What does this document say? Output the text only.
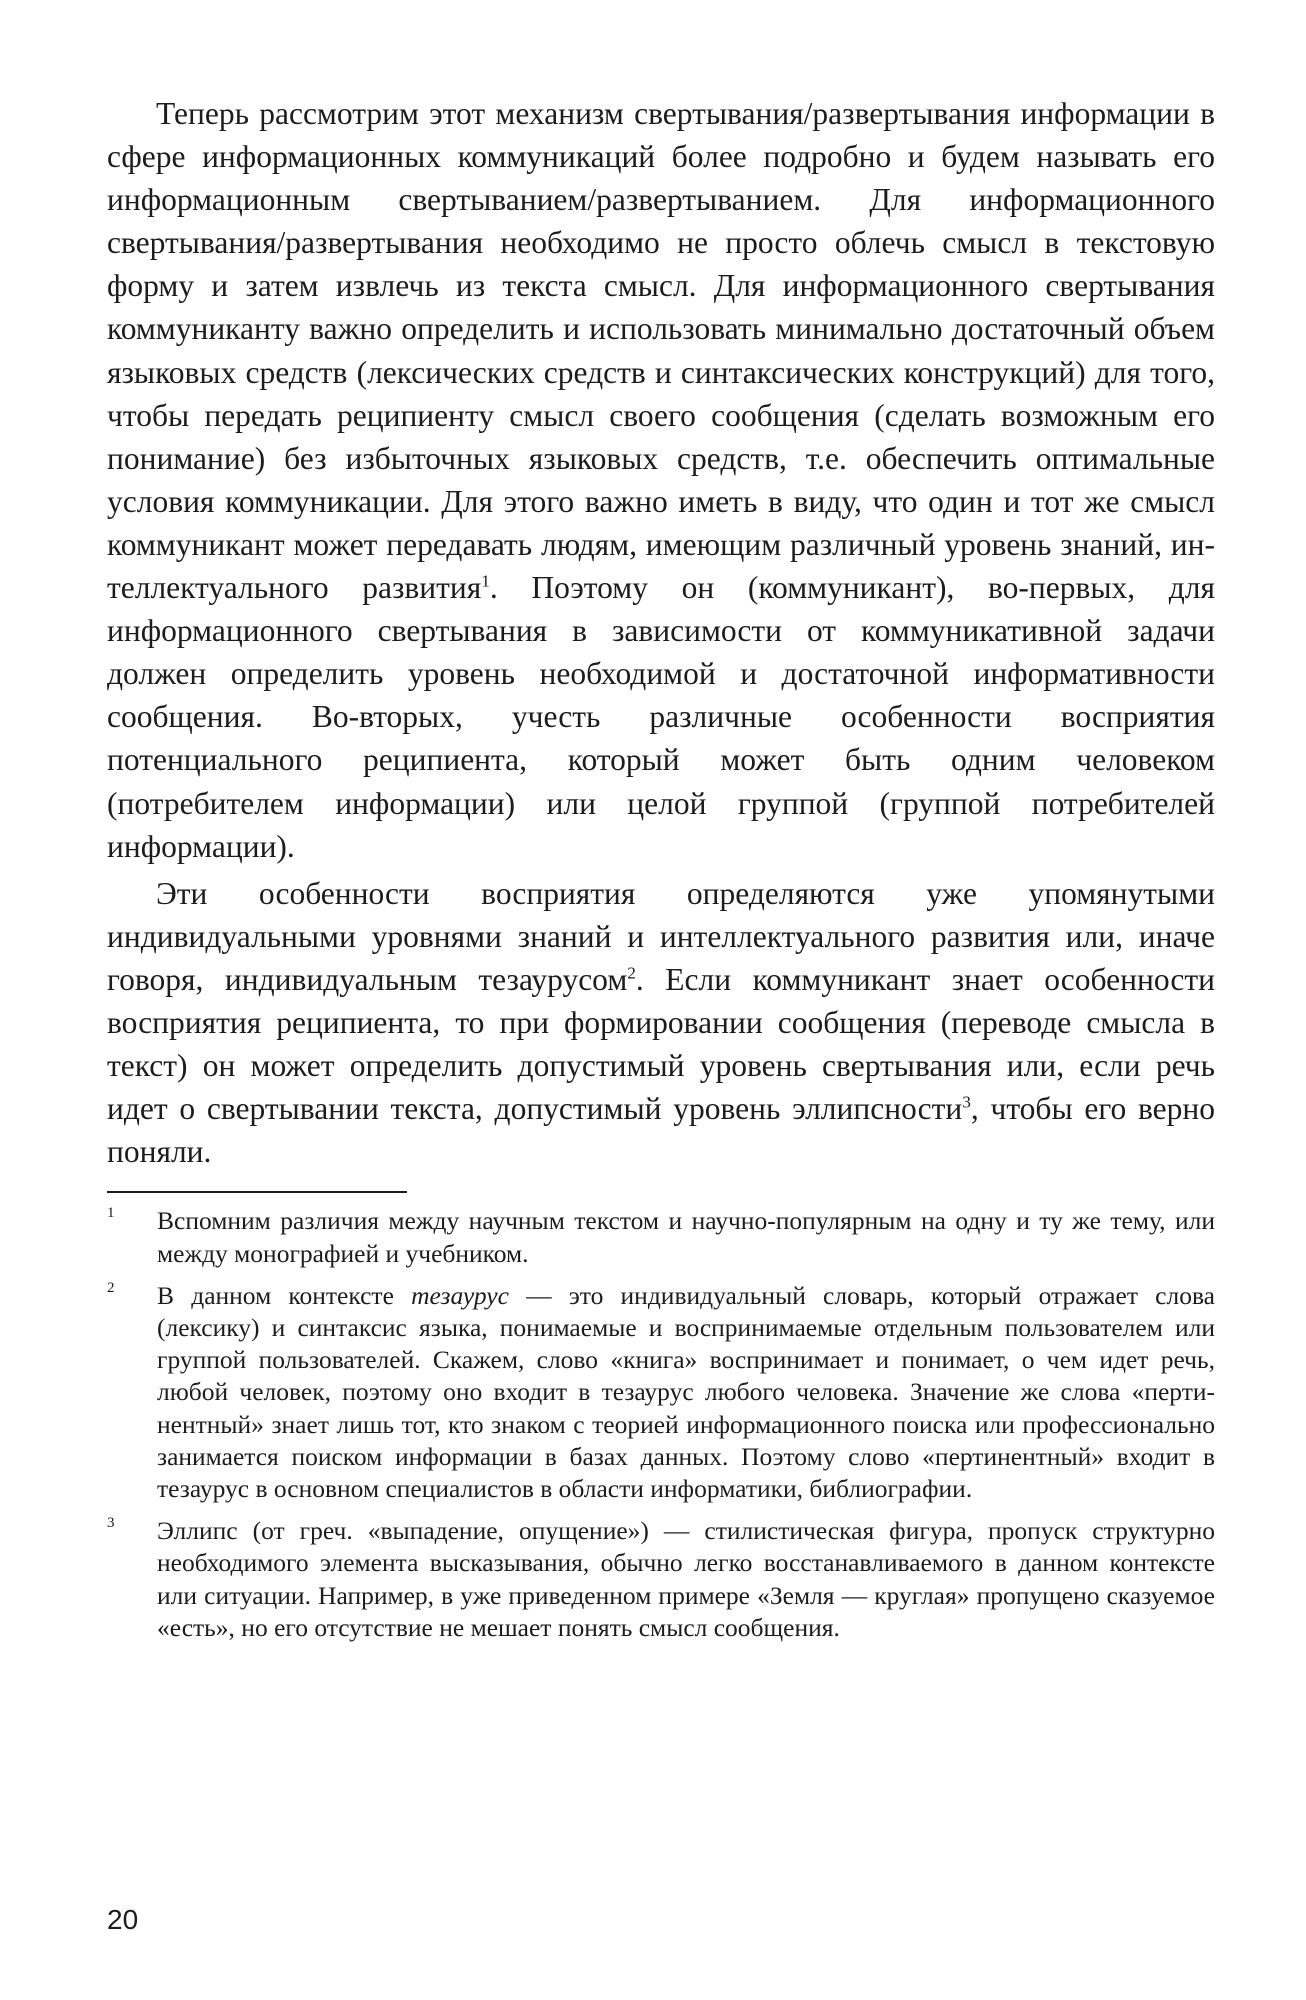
Теперь рассмотрим этот механизм свертывания/развертывания информации в сфере информационных коммуникаций более подробно и будем называть его информационным свертыванием/развертыванием. Для информационного свертывания/развертывания необходимо не просто облечь смысл в текстовую форму и затем извлечь из текста смысл. Для информационного свертывания коммуниканту важно определить и использовать минимально достаточный объем языковых средств (лексических средств и синтаксических конструкций) для того, чтобы передать реципиенту смысл своего сообщения (сделать возможным его понимание) без избыточных языковых средств, т.е. обеспечить оптимальные условия коммуникации. Для этого важно иметь в виду, что один и тот же смысл коммуникант может передавать людям, имеющим различный уровень знаний, интеллектуального развития$^1$. Поэтому он (коммуникант), во-первых, для информационного свертывания в зависимости от коммуникативной задачи должен определить уровень необходимой и достаточной информативности сообщения. Во-вторых, учесть различные особенности восприятия потенциального реципиента, который может быть одним человеком (потребителем информации) или целой группой (группой потребителей информации).

Эти особенности восприятия определяются уже упомянутыми индивидуальными уровнями знаний и интеллектуального развития или, иначе говоря, индивидуальным тезаурусом$^2$. Если коммуникант знает особенности восприятия реципиента, то при формировании сообщения (переводе смысла в текст) он может определить допустимый уровень свертывания или, если речь идет о свертывании текста, допустимый уровень эллипсности$^3$, чтобы его верно поняли.

1 Вспомним различия между научным текстом и научно-популярным на одну и ту же тему, или между монографией и учебником.
2 В данном контексте тезаурус — это индивидуальный словарь, который отражает слова (лексику) и синтаксис языка, понимаемые и воспринимаемые отдельным пользователем или группой пользователей. Скажем, слово «книга» воспринимает и понимает, о чем идет речь, любой человек, поэтому оно входит в тезаурус любого человека. Значение же слова «пертинентный» знает лишь тот, кто знаком с теорией информационного поиска или профессионально занимается поиском информации в базах данных. Поэтому слово «пертинентный» входит в тезаурус в основном специалистов в области информатики, библиографии.
3 Эллипс (от греч. «выпадение, опущение») — стилистическая фигура, пропуск структурно необходимого элемента высказывания, обычно легко восстанавливаемого в данном контексте или ситуации. Например, в уже приведенном примере «Земля — круглая» пропущено сказуемое «есть», но его отсутствие не мешает понять смысл сообщения.
20
